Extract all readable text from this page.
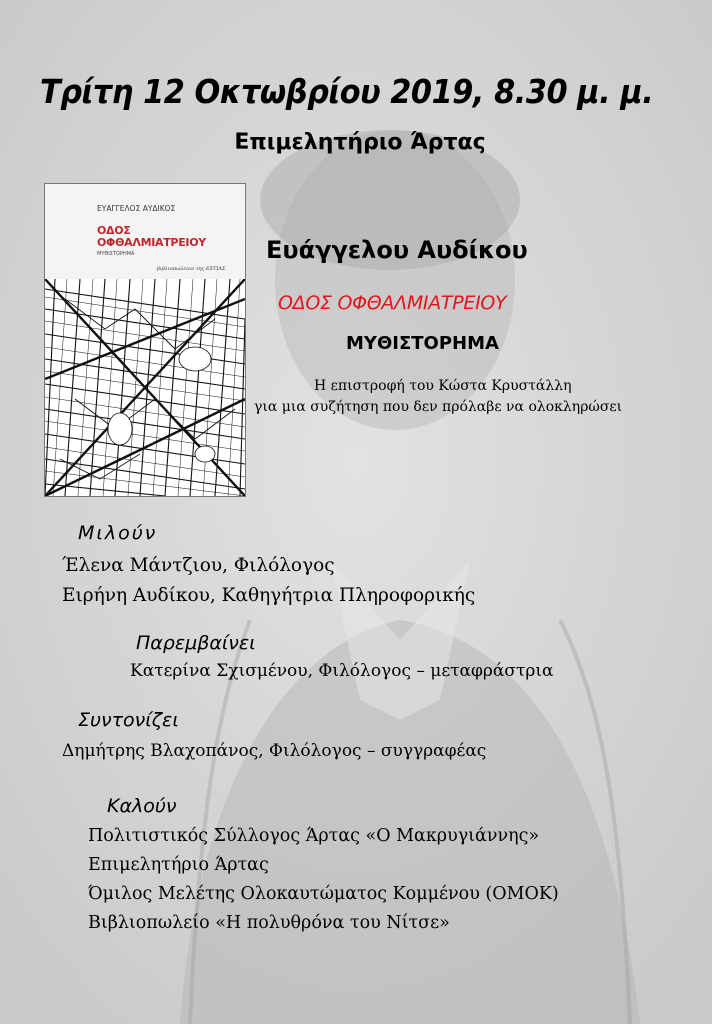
Τρίτη 12 Οκτωβρίου 2019, 8.30 μ. μ.
Επιμελητήριο Άρτας
ΕΥΑΓΓΕΛΟΣ ΑΥΔΙΚΟΣ
ΟΔΟΣ
ΟΦΘΑΛΜΙΑΤΡΕΙΟΥ
ΜΥΘΙΣΤΟΡΗΜΑ
βιβλιοπωλείον της ΕΣΤΙΑΣ
Ευάγγελου Αυδίκου
ΟΔΟΣ ΟΦΘΑΛΜΙΑΤΡΕΙΟΥ
ΜΥΘΙΣΤΟΡΗΜΑ
Η επιστροφή του Κώστα Κρυστάλλη
για μια συζήτηση που δεν πρόλαβε να ολοκληρώσει
Μιλούν
Έλενα Μάντζιου, Φιλόλογος
Ειρήνη Αυδίκου, Καθηγήτρια Πληροφορικής
Παρεμβαίνει
Κατερίνα Σχισμένου, Φιλόλογος – μεταφράστρια
Συντονίζει
Δημήτρης Βλαχοπάνος, Φιλόλογος – συγγραφέας
Καλούν
Πολιτιστικός Σύλλογος Άρτας «Ο Μακρυγιάννης»
Επιμελητήριο Άρτας
Όμιλος Μελέτης Ολοκαυτώματος Κομμένου (ΟΜΟΚ)
Βιβλιοπωλείο «Η πολυθρόνα του Νίτσε»
